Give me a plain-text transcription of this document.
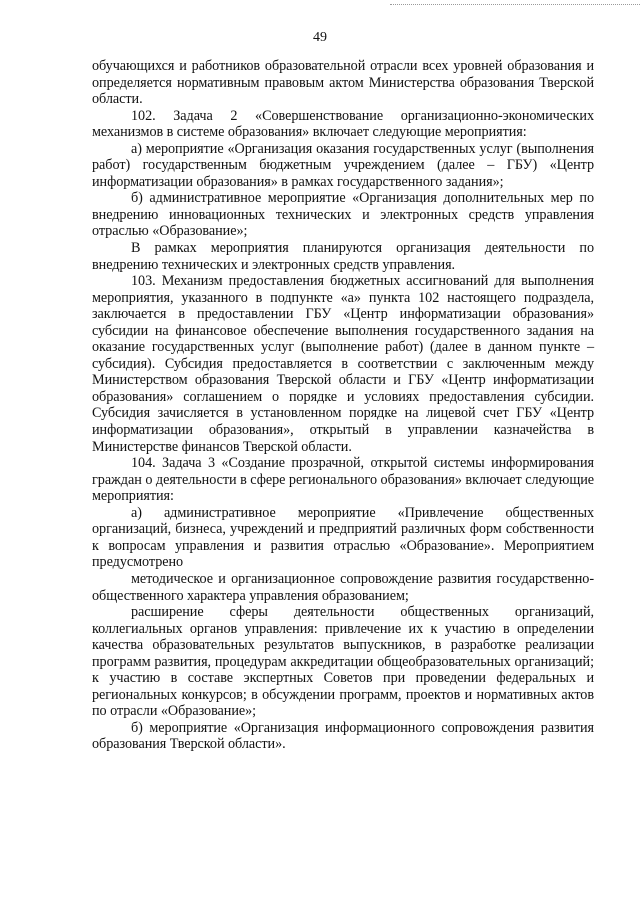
49

обучающихся и работников образовательной отрасли всех уровней образования и определяется нормативным правовым актом Министерства образования Тверской области.

102. Задача 2 «Совершенствование организационно-экономических механизмов в системе образования» включает следующие мероприятия:

а) мероприятие «Организация оказания государственных услуг (выполнения работ) государственным бюджетным учреждением (далее – ГБУ) «Центр информатизации образования» в рамках государственного задания»;

б) административное мероприятие «Организация дополнительных мер по внедрению инновационных технических и электронных средств управления отраслью «Образование»;

В рамках мероприятия планируются организация деятельности по внедрению технических и электронных средств управления.

103. Механизм предоставления бюджетных ассигнований для выполнения мероприятия, указанного в подпункте «а» пункта 102 настоящего подраздела, заключается в предоставлении ГБУ «Центр информатизации образования» субсидии на финансовое обеспечение выполнения государственного задания на оказание государственных услуг (выполнение работ) (далее в данном пункте – субсидия). Субсидия предоставляется в соответствии с заключенным между Министерством образования Тверской области и ГБУ «Центр информатизации образования» соглашением о порядке и условиях предоставления субсидии. Субсидия зачисляется в установленном порядке на лицевой счет ГБУ «Центр информатизации образования», открытый в управлении казначейства в Министерстве финансов Тверской области.

104. Задача 3 «Создание прозрачной, открытой системы информирования граждан о деятельности в сфере регионального образования» включает следующие мероприятия:

а) административное мероприятие «Привлечение общественных организаций, бизнеса, учреждений и предприятий различных форм собственности к вопросам управления и развития отраслью «Образование». Мероприятием предусмотрено

методическое и организационное сопровождение развития государственно-общественного характера управления образованием;

расширение сферы деятельности общественных организаций, коллегиальных органов управления: привлечение их к участию в определении качества образовательных результатов выпускников, в разработке реализации программ развития, процедурам аккредитации общеобразовательных организаций; к участию в составе экспертных Советов при проведении федеральных и региональных конкурсов; в обсуждении программ, проектов и нормативных актов по отрасли «Образование»;

б) мероприятие «Организация информационного сопровождения развития образования Тверской области».
